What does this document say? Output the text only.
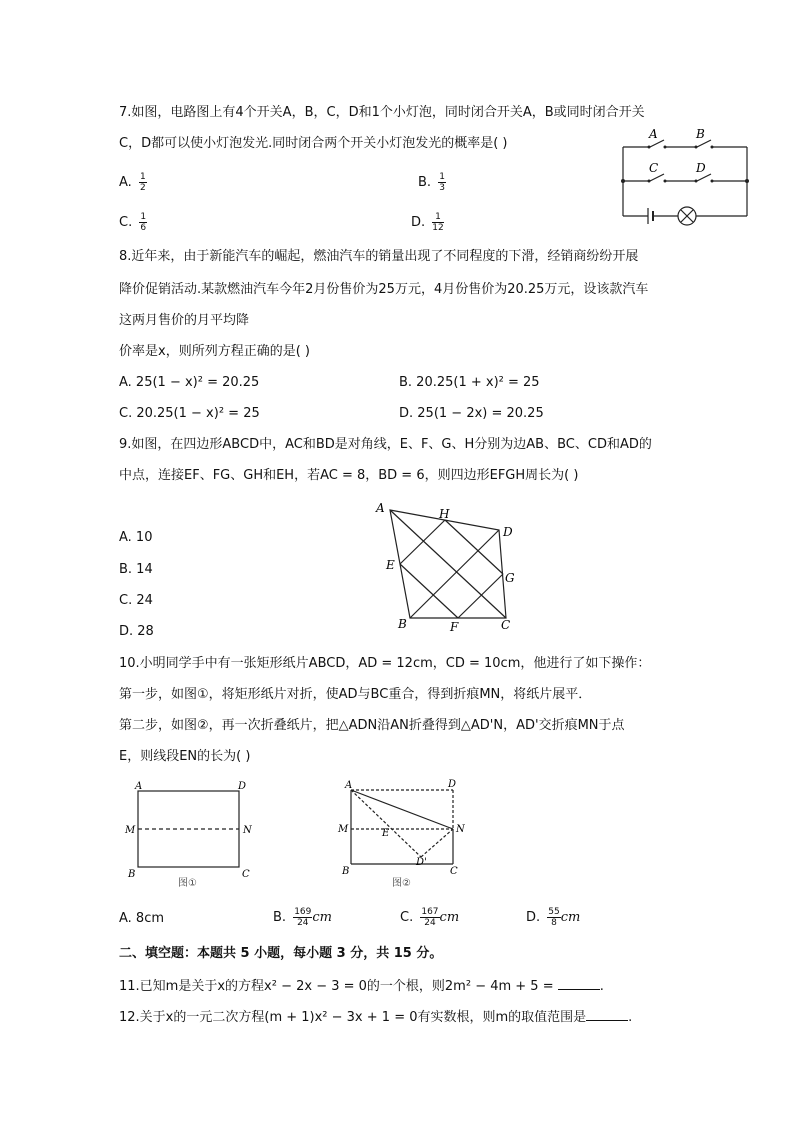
7.如图，电路图上有4个开关A，B，C，D和1个小灯泡，同时闭合开关A，B或同时闭合开关
C，D都可以使小灯泡发光.同时闭合两个开关小灯泡发光的概率是( )
A. $\frac{1}{2}$	B. $\frac{1}{3}$
C. $\frac{1}{6}$	D. $\frac{1}{12}$
A	B
C	D
8.近年来，由于新能汽车的崛起，燃油汽车的销量出现了不同程度的下滑，经销商纷纷开展
降价促销活动.某款燃油汽车今年2月份售价为25万元，4月份售价为20.25万元，设该款汽车
这两月售价的月平均降
价率是x，则所列方程正确的是( )
A. 25(1 − x)² = 20.25	B. 20.25(1 + x)² = 25
C. 20.25(1 − x)² = 25	D. 25(1 − 2x) = 20.25
9.如图，在四边形ABCD中，AC和BD是对角线，E、F、G、H分别为边AB、BC、CD和AD的
中点，连接EF、FG、GH和EH，若AC = 8，BD = 6，则四边形EFGH周长为( )
A. 10
B. 14
C. 24
D. 28
A
D
B	C
E
F
G
H
10.小明同学手中有一张矩形纸片ABCD，AD = 12cm，CD = 10cm，他进行了如下操作：
第一步，如图①，将矩形纸片对折，使AD与BC重合，得到折痕MN，将纸片展平．
第二步，如图②，再一次折叠纸片，把△ADN沿AN折叠得到△AD'N，AD'交折痕MN于点
E，则线段EN的长为( )
A	D
M	N
B	C
图①
A	D
M	N
E
D'
B	C
图②
A. 8cm	B. $\frac{169}{24}$ cm	C. $\frac{167}{24}$ cm	D. $\frac{55}{8}$ cm
二、填空题：本题共 5 小题，每小题 3 分，共 15 分。
11.已知m是关于x的方程x² − 2x − 3 = 0的一个根，则2m² − 4m + 5 =	.
12.关于x的一元二次方程(m + 1)x² − 3x + 1 = 0有实数根，则m的取值范围是	.
